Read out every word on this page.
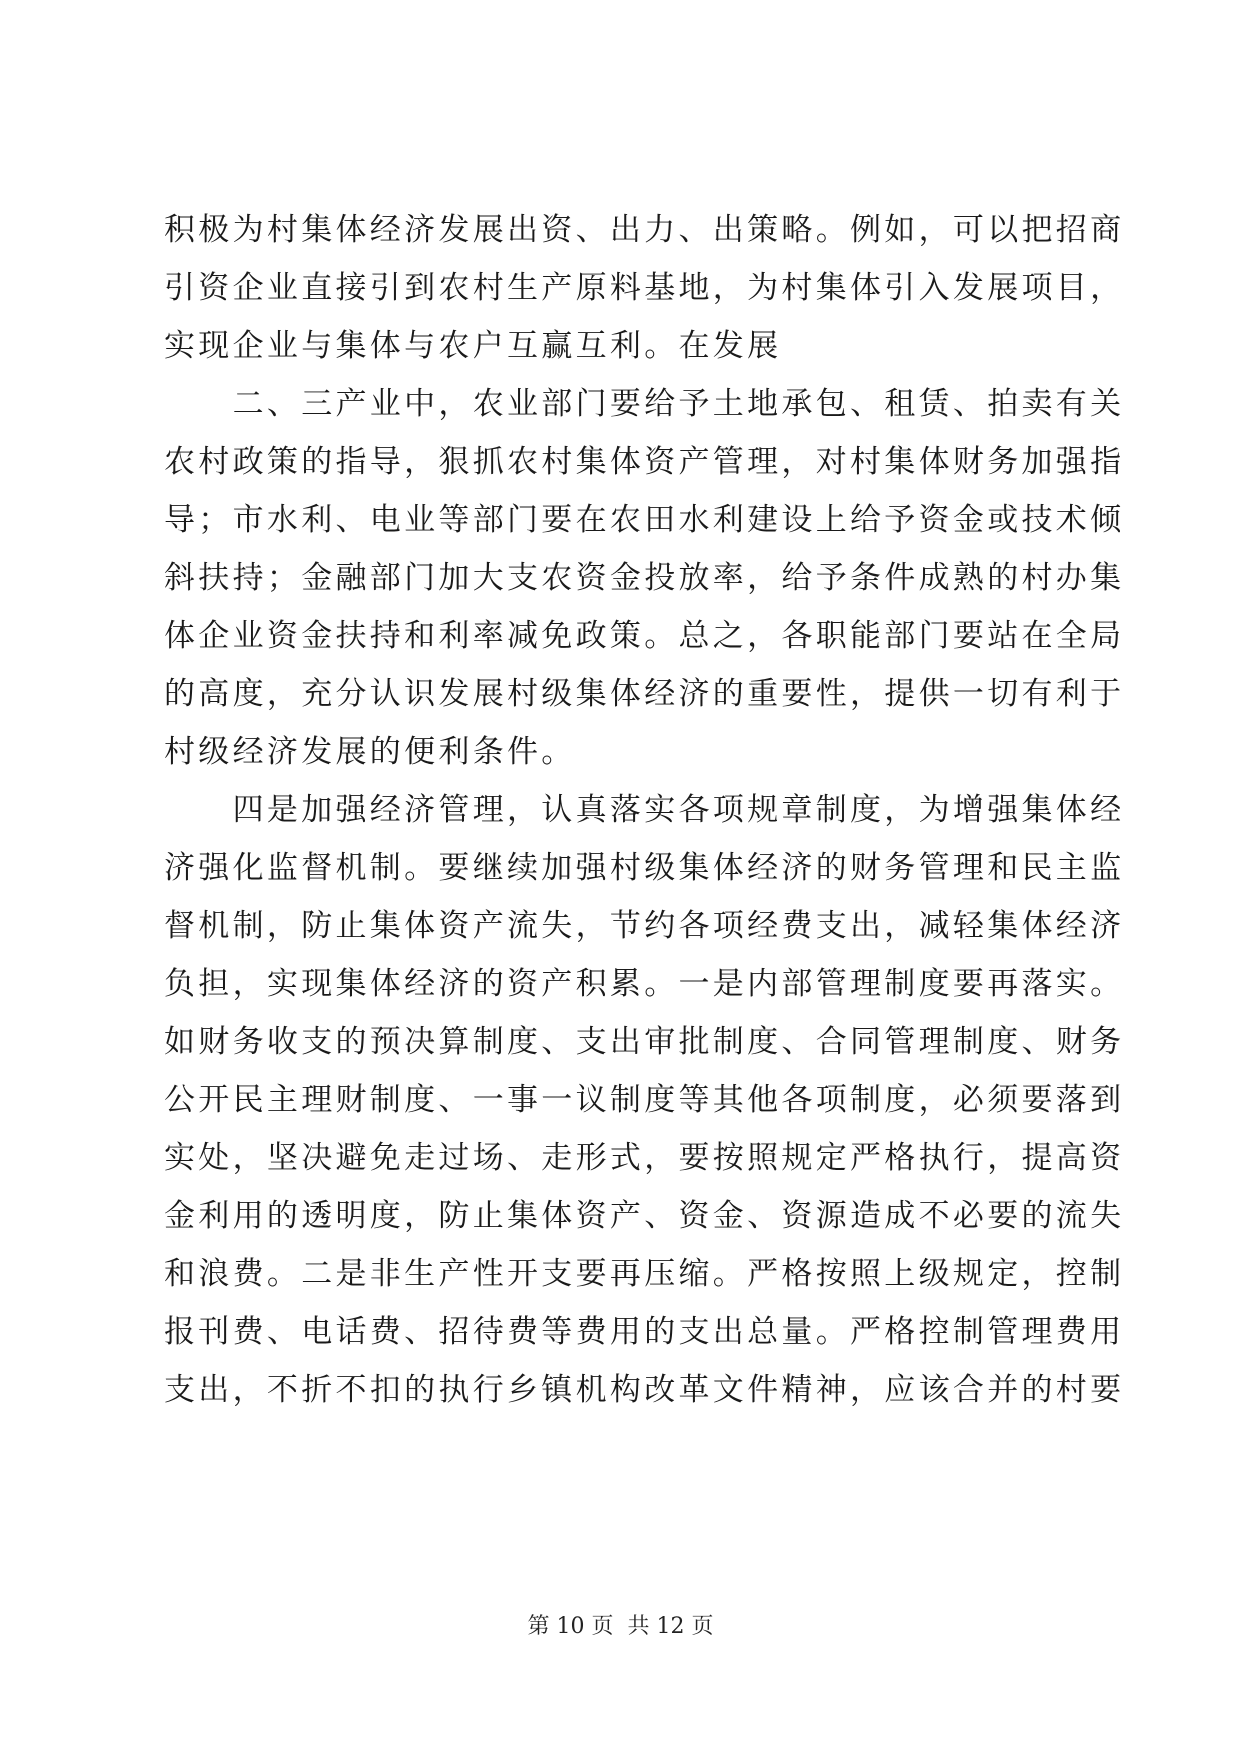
积极为村集体经济发展出资、出力、出策略。例如，可以把招商
引资企业直接引到农村生产原料基地，为村集体引入发展项目，
实现企业与集体与农户互赢互利。在发展
　　二、三产业中，农业部门要给予土地承包、租赁、拍卖有关
农村政策的指导，狠抓农村集体资产管理，对村集体财务加强指
导；市水利、电业等部门要在农田水利建设上给予资金或技术倾
斜扶持；金融部门加大支农资金投放率，给予条件成熟的村办集
体企业资金扶持和利率减免政策。总之，各职能部门要站在全局
的高度，充分认识发展村级集体经济的重要性，提供一切有利于
村级经济发展的便利条件。
　　四是加强经济管理，认真落实各项规章制度，为增强集体经
济强化监督机制。要继续加强村级集体经济的财务管理和民主监
督机制，防止集体资产流失，节约各项经费支出，减轻集体经济
负担，实现集体经济的资产积累。一是内部管理制度要再落实。
如财务收支的预决算制度、支出审批制度、合同管理制度、财务
公开民主理财制度、一事一议制度等其他各项制度，必须要落到
实处，坚决避免走过场、走形式，要按照规定严格执行，提高资
金利用的透明度，防止集体资产、资金、资源造成不必要的流失
和浪费。二是非生产性开支要再压缩。严格按照上级规定，控制
报刊费、电话费、招待费等费用的支出总量。严格控制管理费用
支出，不折不扣的执行乡镇机构改革文件精神，应该合并的村要
第 10 页 共 12 页
